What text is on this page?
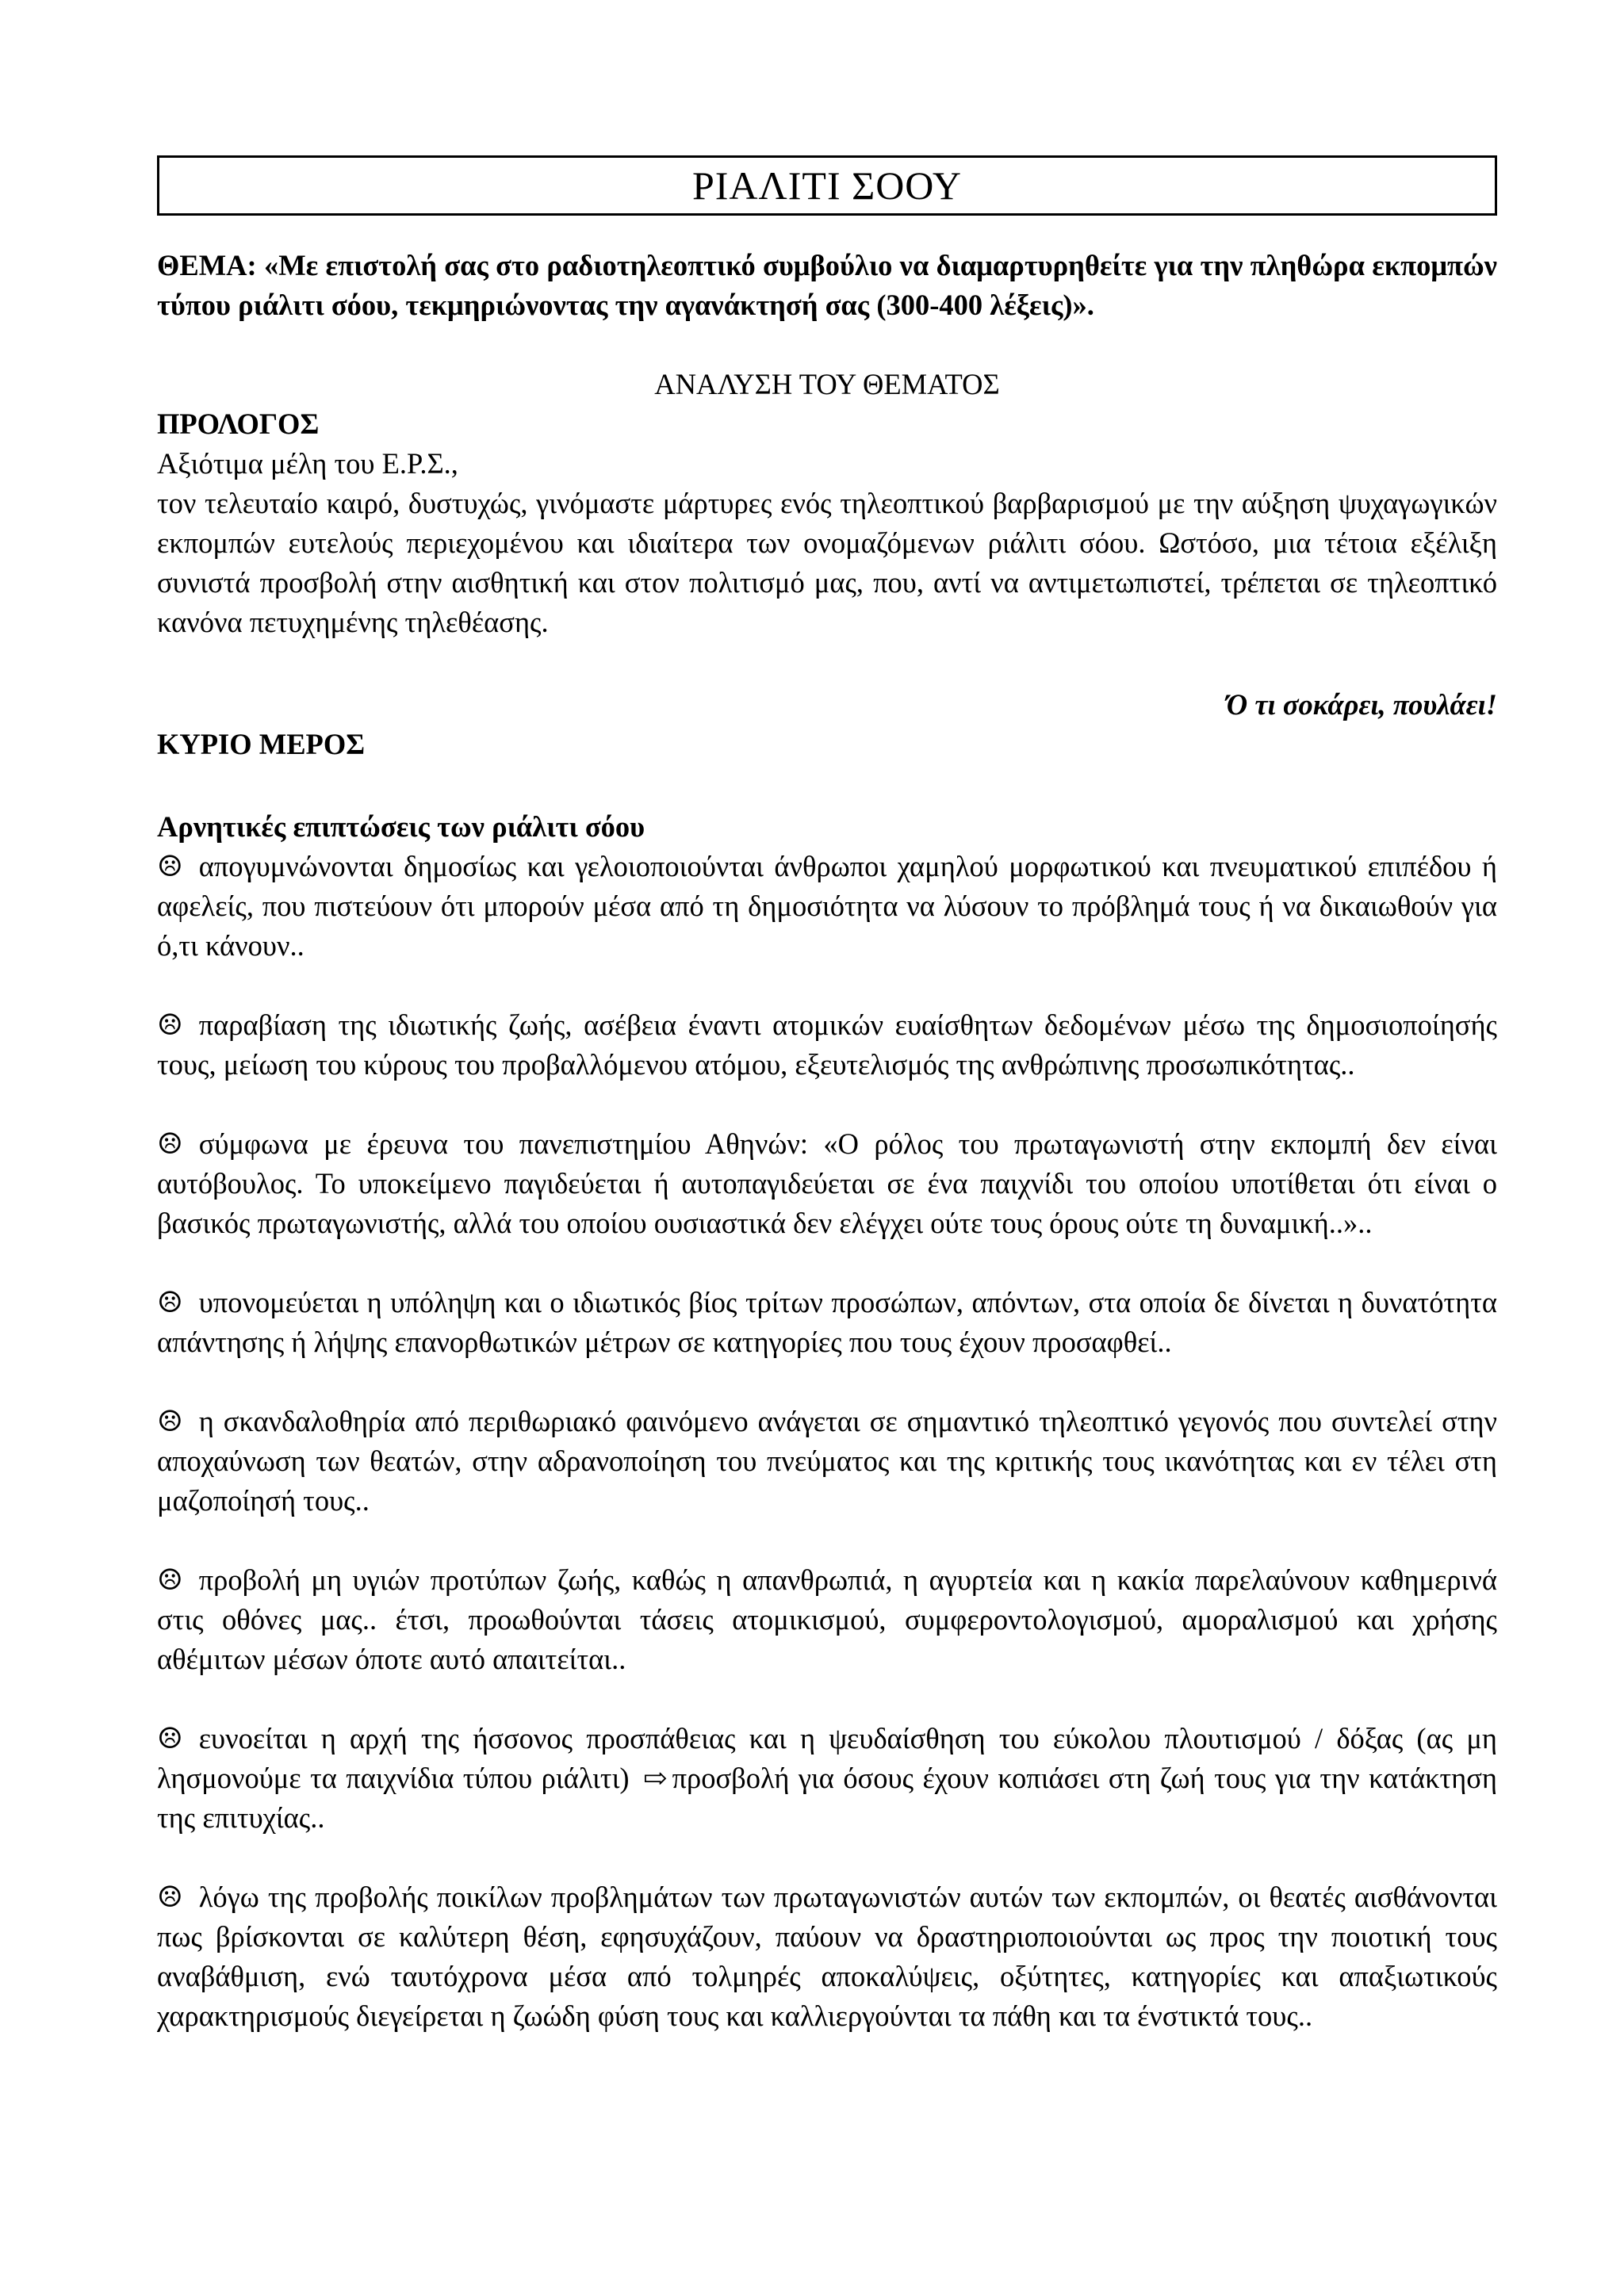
ΡΙΑΛΙΤΙ ΣΟΟΥ

ΘΕΜΑ: «Με επιστολή σας στο ραδιοτηλεοπτικό συμβούλιο να διαμαρτυρηθείτε για την πληθώρα εκπομπών τύπου ριάλιτι σόου, τεκμηριώνοντας την αγανάκτησή σας (300-400 λέξεις)».

ΑΝΑΛΥΣΗ ΤΟΥ ΘΕΜΑΤΟΣ

ΠΡΟΛΟΓΟΣ

Αξιότιμα μέλη του Ε.Ρ.Σ.,

τον τελευταίο καιρό, δυστυχώς, γινόμαστε μάρτυρες ενός τηλεοπτικού βαρβαρισμού με την αύξηση ψυχαγωγικών εκπομπών ευτελούς περιεχομένου και ιδιαίτερα των ονομαζόμενων ριάλιτι σόου. Ωστόσο, μια τέτοια εξέλιξη συνιστά προσβολή στην αισθητική και στον πολιτισμό μας, που, αντί να αντιμετωπιστεί, τρέπεται σε τηλεοπτικό κανόνα πετυχημένης τηλεθέασης.

Ό τι σοκάρει, πουλάει!

ΚΥΡΙΟ ΜΕΡΟΣ

Αρνητικές επιπτώσεις των ριάλιτι σόου

☹ απογυμνώνονται δημοσίως και γελοιοποιούνται άνθρωποι χαμηλού μορφωτικού και πνευματικού επιπέδου ή αφελείς, που πιστεύουν ότι μπορούν μέσα από τη δημοσιότητα να λύσουν το πρόβλημά τους ή να δικαιωθούν για ό,τι κάνουν..
☹ παραβίαση της ιδιωτικής ζωής, ασέβεια έναντι ατομικών ευαίσθητων δεδομένων μέσω της δημοσιοποίησής τους, μείωση του κύρους του προβαλλόμενου ατόμου, εξευτελισμός της ανθρώπινης προσωπικότητας..
☹ σύμφωνα με έρευνα του πανεπιστημίου Αθηνών: «Ο ρόλος του πρωταγωνιστή στην εκπομπή δεν είναι αυτόβουλος. Το υποκείμενο παγιδεύεται ή αυτοπαγιδεύεται σε ένα παιχνίδι του οποίου υποτίθεται ότι είναι ο βασικός πρωταγωνιστής, αλλά του οποίου ουσιαστικά δεν ελέγχει ούτε τους όρους ούτε τη δυναμική..»..
☹ υπονομεύεται η υπόληψη και ο ιδιωτικός βίος τρίτων προσώπων, απόντων, στα οποία δε δίνεται η δυνατότητα απάντησης ή λήψης επανορθωτικών μέτρων σε κατηγορίες που τους έχουν προσαφθεί..
☹ η σκανδαλοθηρία από περιθωριακό φαινόμενο ανάγεται σε σημαντικό τηλεοπτικό γεγονός που συντελεί στην αποχαύνωση των θεατών, στην αδρανοποίηση του πνεύματος και της κριτικής τους ικανότητας και εν τέλει στη μαζοποίησή τους..
☹ προβολή μη υγιών προτύπων ζωής, καθώς η απανθρωπιά, η αγυρτεία και η κακία παρελαύνουν καθημερινά στις οθόνες μας.. έτσι, προωθούνται τάσεις ατομικισμού, συμφεροντολογισμού, αμοραλισμού και χρήσης αθέμιτων μέσων όποτε αυτό απαιτείται..
☹ ευνοείται η αρχή της ήσσονος προσπάθειας και η ψευδαίσθηση του εύκολου πλουτισμού / δόξας (ας μη λησμονούμε τα παιχνίδια τύπου ριάλιτι) ⇨ προσβολή για όσους έχουν κοπιάσει στη ζωή τους για την κατάκτηση της επιτυχίας..
☹ λόγω της προβολής ποικίλων προβλημάτων των πρωταγωνιστών αυτών των εκπομπών, οι θεατές αισθάνονται πως βρίσκονται σε καλύτερη θέση, εφησυχάζουν, παύουν να δραστηριοποιούνται ως προς την ποιοτική τους αναβάθμιση, ενώ ταυτόχρονα μέσα από τολμηρές αποκαλύψεις, οξύτητες, κατηγορίες και απαξιωτικούς χαρακτηρισμούς διεγείρεται η ζωώδη φύση τους και καλλιεργούνται τα πάθη και τα ένστικτά τους..
